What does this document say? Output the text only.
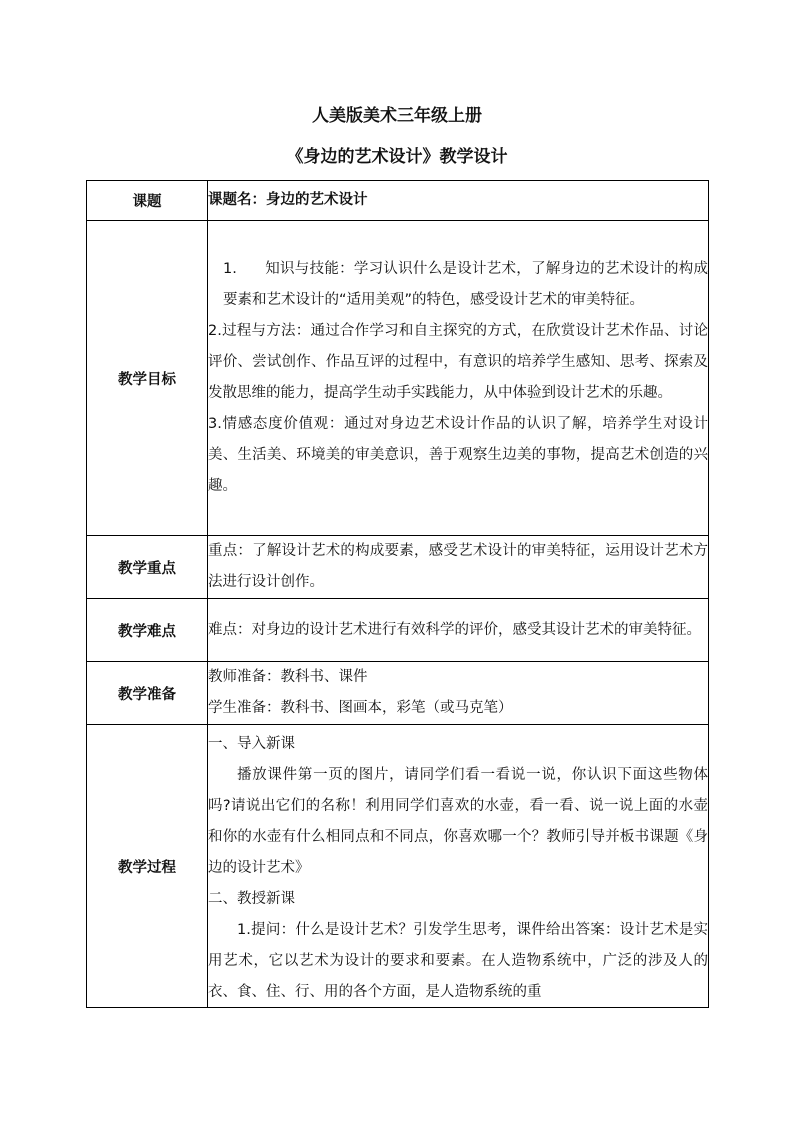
人美版美术三年级上册
《身边的艺术设计》教学设计
课题	课题名：身边的艺术设计
教学目标	1. 知识与技能：学习认识什么是设计艺术，了解身边的艺术设计的构成要素和艺术设计的“适用美观”的特色，感受设计艺术的审美特征。

2.过程与方法：通过合作学习和自主探究的方式，在欣赏设计艺术作品、讨论评价、尝试创作、作品互评的过程中，有意识的培养学生感知、思考、探索及发散思维的能力，提高学生动手实践能力，从中体验到设计艺术的乐趣。

3.情感态度价值观：通过对身边艺术设计作品的认识了解，培养学生对设计美、生活美、环境美的审美意识，善于观察生边美的事物，提高艺术创造的兴趣。

教学重点	重点：了解设计艺术的构成要素，感受艺术设计的审美特征，运用设计艺术方法进行设计创作。
教学难点	难点：对身边的设计艺术进行有效科学的评价，感受其设计艺术的审美特征。
教学准备	教师准备：教科书、课件

学生准备：教科书、图画本，彩笔（或马克笔）

教学过程	一、导入新课

播放课件第一页的图片，请同学们看一看说一说，你认识下面这些物体吗?请说出它们的名称！利用同学们喜欢的水壶，看一看、说一说上面的水壶和你的水壶有什么相同点和不同点，你喜欢哪一个？教师引导并板书课题《身边的设计艺术》

二、教授新课

1.提问：什么是设计艺术？引发学生思考，课件给出答案：设计艺术是实用艺术，它以艺术为设计的要求和要素。在人造物系统中，广泛的涉及人的衣、食、住、行、用的各个方面，是人造物系统的重
